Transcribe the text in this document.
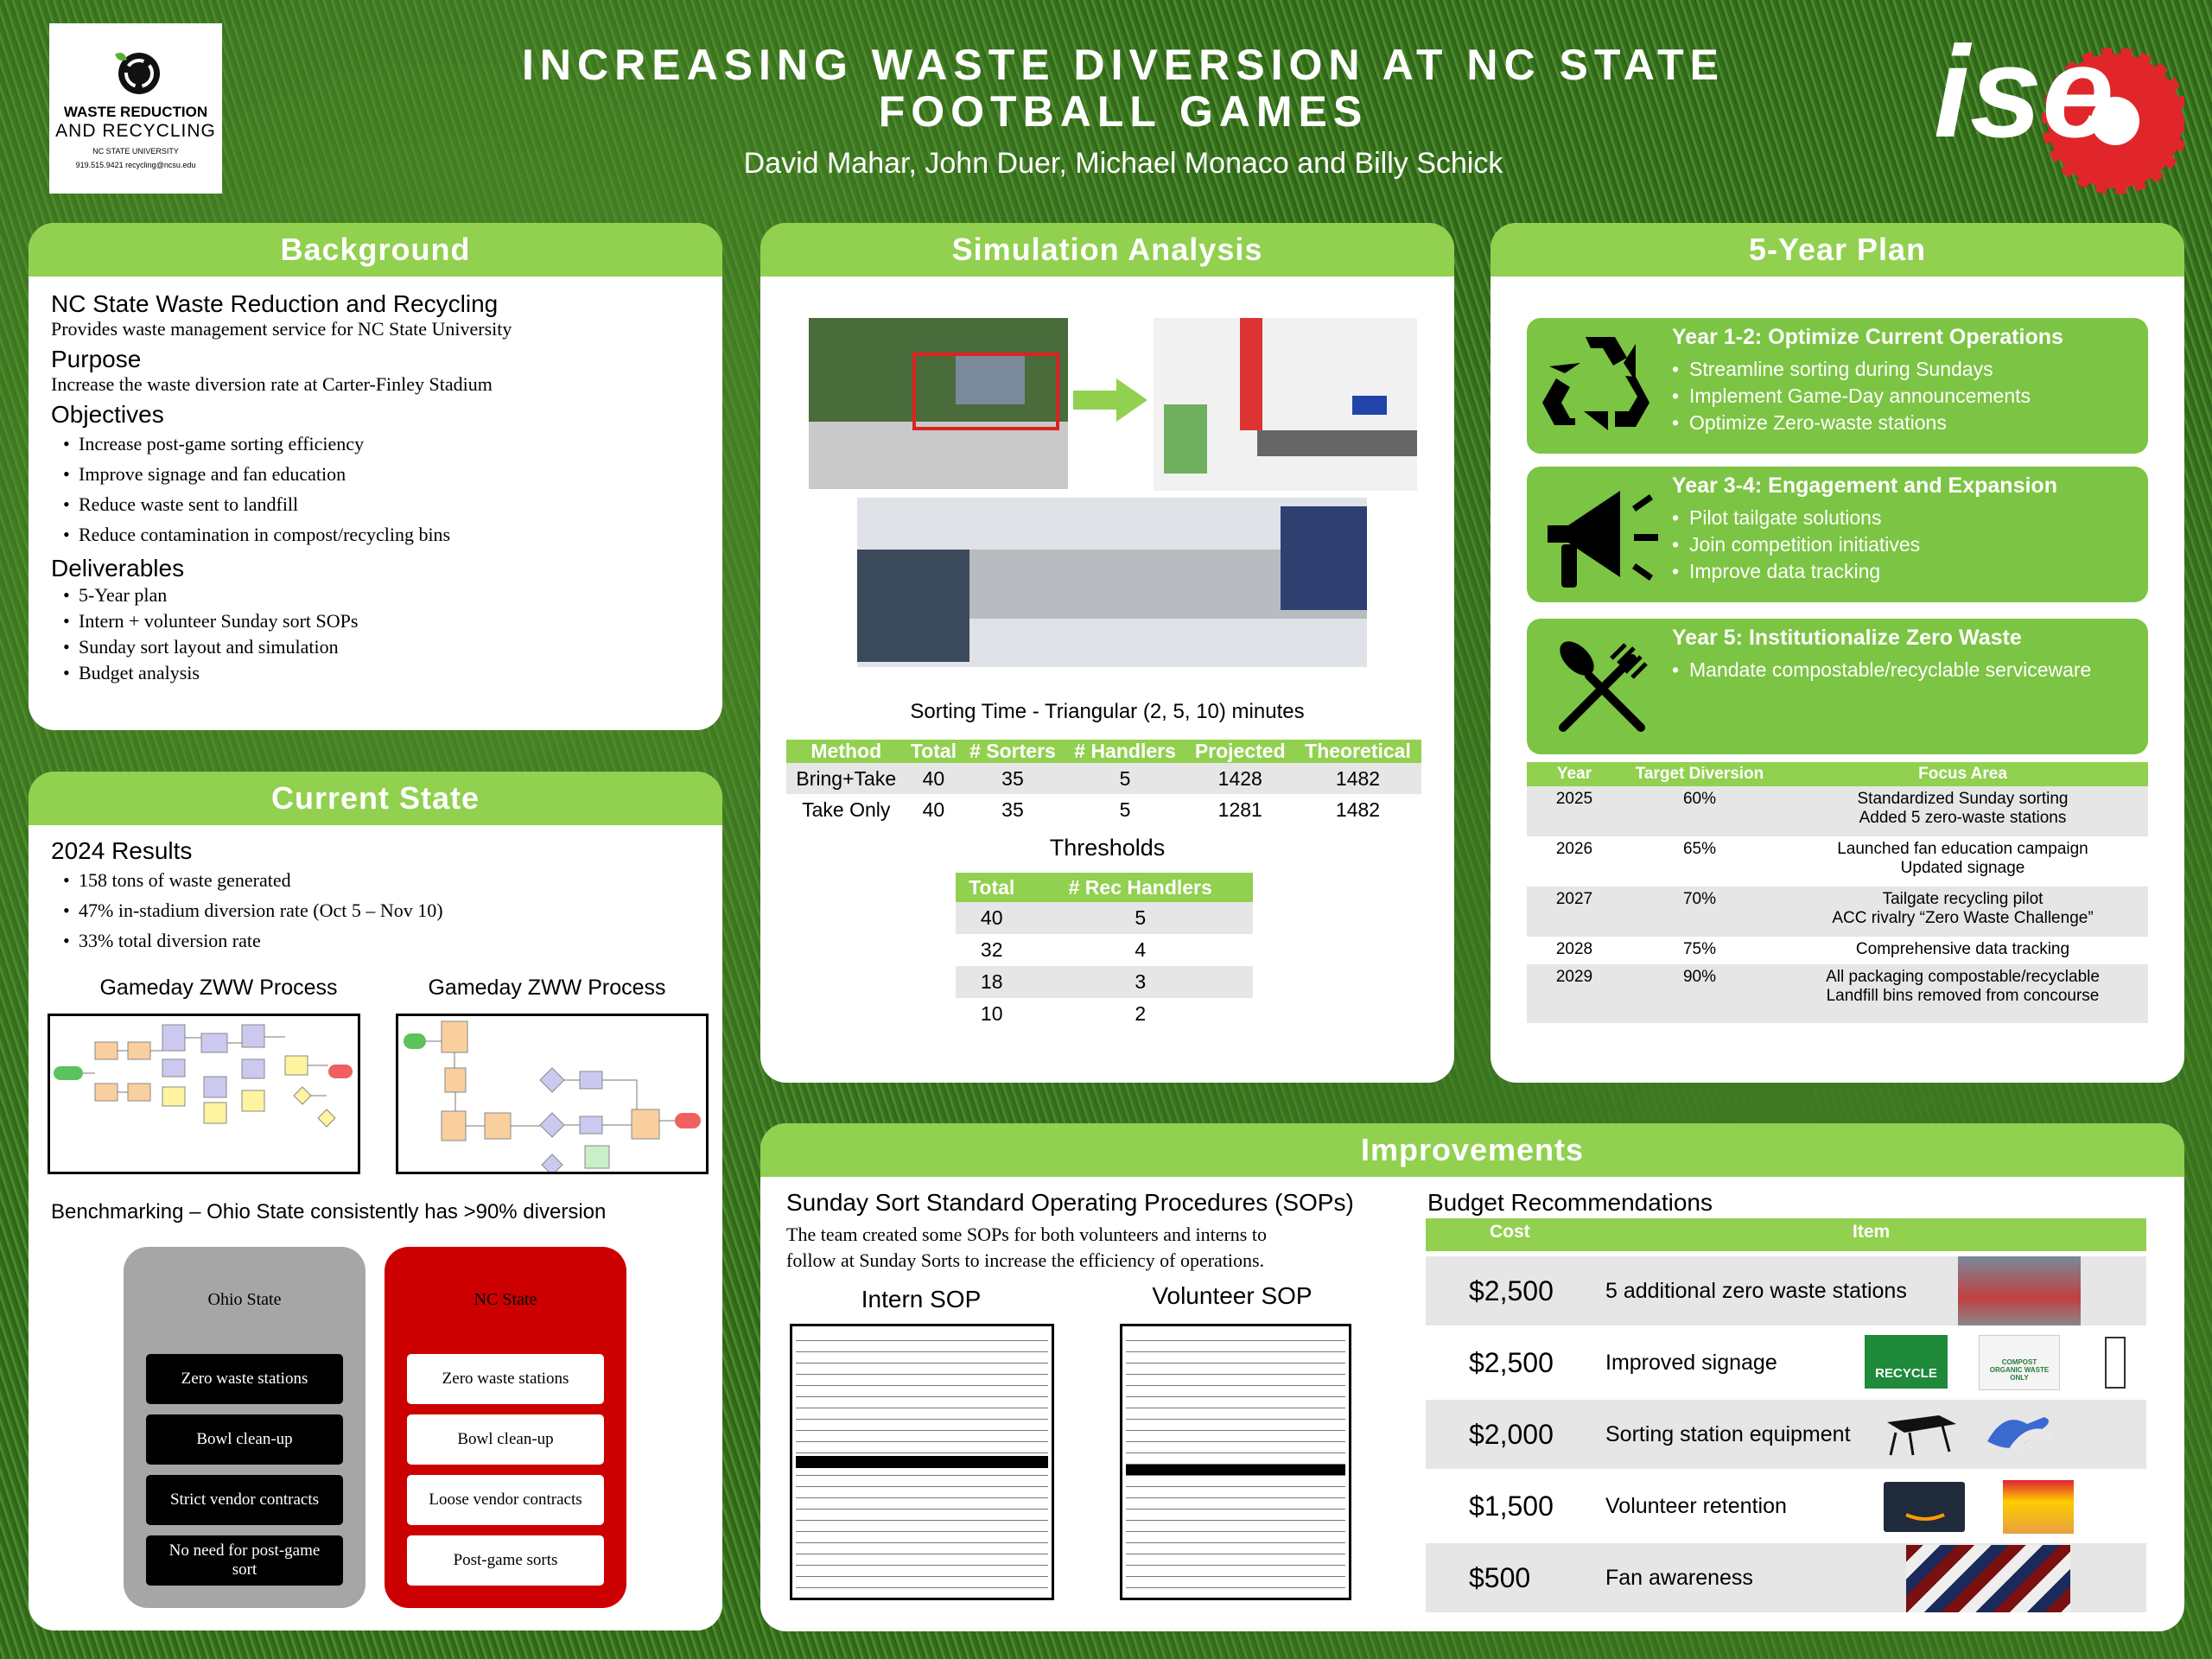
WASTE REDUCTION
AND RECYCLING
NC STATE UNIVERSITY
919.515.9421 recycling@ncsu.edu
INCREASING WASTE DIVERSION AT NC STATE
FOOTBALL GAMES
David Mahar, John Duer, Michael Monaco and Billy Schick	ise
Background
NC State Waste Reduction and Recycling
Provides waste management service for NC State University
Purpose
Increase the waste diversion rate at Carter-Finley Stadium
Objectives
• Increase post-game sorting efficiency
• Improve signage and fan education
• Reduce waste sent to landfill
• Reduce contamination in compost/recycling bins
Deliverables
• 5-Year plan
• Intern + volunteer Sunday sort SOPs
• Sunday sort layout and simulation
• Budget analysis
Current State
2024 Results
• 158 tons of waste generated
• 47% in-stadium diversion rate (Oct 5 – Nov 10)
• 33% total diversion rate
Gameday ZWW Process	Gameday ZWW Process
Benchmarking – Ohio State consistently has >90% diversion
Ohio State
Zero waste stations
Bowl clean-up
Strict vendor contracts
No need for post-game sort
NC State
Zero waste stations
Bowl clean-up
Loose vendor contracts
Post-game sorts
Simulation Analysis
Sorting Time - Triangular (2, 5, 10) minutes
Method	Total	# Sorters	# Handlers	Projected	Theoretical
Bring+Take	40	35	5	1428	1482
Take Only	40	35	5	1281	1482
Thresholds
Total	# Rec Handlers
40	5
32	4
18	3
10	2
5-Year Plan
Year 1-2: Optimize Current Operations
• Streamline sorting during Sundays
• Implement Game-Day announcements
• Optimize Zero-waste stations
Year 3-4: Engagement and Expansion
• Pilot tailgate solutions
• Join competition initiatives
• Improve data tracking
Year 5: Institutionalize Zero Waste
• Mandate compostable/recyclable serviceware
Year	Target Diversion	Focus Area
2025	60%	Standardized Sunday sorting
Added 5 zero-waste stations

2026	65%	Launched fan education campaign
Updated signage

2027	70%	Tailgate recycling pilot
ACC rivalry “Zero Waste Challenge”

2028	75%	Comprehensive data tracking

2029	90%	All packaging compostable/recyclable
Landfill bins removed from concourse
Improvements
Sunday Sort Standard Operating Procedures (SOPs)
The team created some SOPs for both volunteers and interns to
follow at Sunday Sorts to increase the efficiency of operations.
Intern SOP	Volunteer SOP
Budget Recommendations
Cost	Item
$2,500 5 additional zero waste stations
$2,500 Improved signage	RECYCLE
COMPOST
ORGANIC WASTE
ONLY
$2,000 Sorting station equipment
$1,500 Volunteer retention
$500	Fan awareness
